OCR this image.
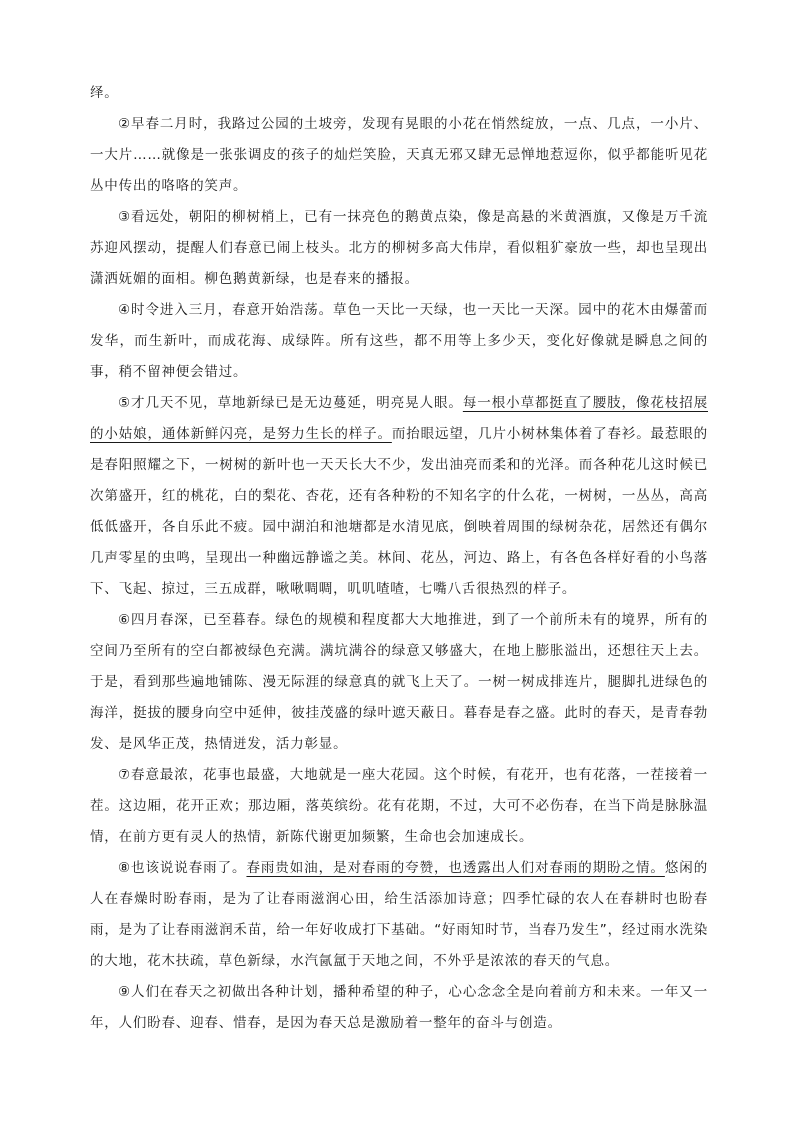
绎。

②早春二月时，我路过公园的土坡旁，发现有晃眼的小花在悄然绽放，一点、几点，一小片、一大片……就像是一张张调皮的孩子的灿烂笑脸，天真无邪又肆无忌惮地惹逗你，似乎都能听见花丛中传出的咯咯的笑声。

③看远处，朝阳的柳树梢上，已有一抹亮色的鹅黄点染，像是高悬的米黄酒旗，又像是万千流苏迎风摆动，提醒人们春意已闹上枝头。北方的柳树多高大伟岸，看似粗犷豪放一些，却也呈现出潇洒妩媚的面相。柳色鹅黄新绿，也是春来的播报。

④时令进入三月，春意开始浩荡。草色一天比一天绿，也一天比一天深。园中的花木由爆蕾而发华，而生新叶，而成花海、成绿阵。所有这些，都不用等上多少天，变化好像就是瞬息之间的事，稍不留神便会错过。

⑤才几天不见，草地新绿已是无边蔓延，明亮晃人眼。每一根小草都挺直了腰肢，像花枝招展的小姑娘，通体新鲜闪亮，是努力生长的样子。而抬眼远望，几片小树林集体着了春衫。最惹眼的是春阳照耀之下，一树树的新叶也一天天长大不少，发出油亮而柔和的光泽。而各种花儿这时候已次第盛开，红的桃花，白的梨花、杏花，还有各种粉的不知名字的什么花，一树树，一丛丛，高高低低盛开，各自乐此不疲。园中湖泊和池塘都是水清见底，倒映着周围的绿树杂花，居然还有偶尔几声零星的虫鸣，呈现出一种幽远静谧之美。林间、花丛，河边、路上，有各色各样好看的小鸟落下、飞起、掠过，三五成群，啾啾啁啁，叽叽喳喳，七嘴八舌很热烈的样子。

⑥四月春深，已至暮春。绿色的规模和程度都大大地推进，到了一个前所未有的境界，所有的空间乃至所有的空白都被绿色充满。满坑满谷的绿意又够盛大，在地上膨胀溢出，还想往天上去。于是，看到那些遍地铺陈、漫无际涯的绿意真的就飞上天了。一树一树成排连片，腿脚扎进绿色的海洋，挺拔的腰身向空中延伸，彼挂茂盛的绿叶遮天蔽日。暮春是春之盛。此时的春天，是青春勃发、是风华正茂，热情迸发，活力彰显。

⑦春意最浓，花事也最盛，大地就是一座大花园。这个时候，有花开，也有花落，一茬接着一茬。这边厢，花开正欢；那边厢，落英缤纷。花有花期，不过，大可不必伤春，在当下尚是脉脉温情，在前方更有灵人的热情，新陈代谢更加频繁，生命也会加速成长。

⑧也该说说春雨了。春雨贵如油，是对春雨的夸赞，也透露出人们对春雨的期盼之情。悠闲的人在春燥时盼春雨，是为了让春雨滋润心田，给生活添加诗意；四季忙碌的农人在春耕时也盼春雨，是为了让春雨滋润禾苗，给一年好收成打下基础。“好雨知时节，当春乃发生”，经过雨水洗染的大地，花木扶疏，草色新绿，水汽氤氲于天地之间，不外乎是浓浓的春天的气息。

⑨人们在春天之初做出各种计划，播种希望的种子，心心念念全是向着前方和未来。一年又一年，人们盼春、迎春、惜春，是因为春天总是激励着一整年的奋斗与创造。
